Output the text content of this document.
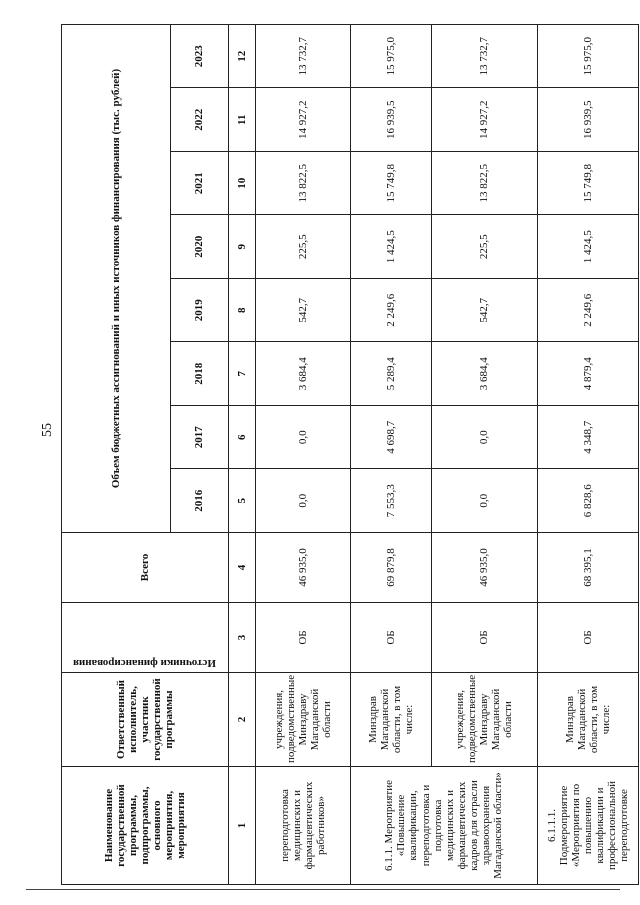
55
Наименование государственной программы, подпрограммы, основного мероприятия, мероприятия	Ответственный исполнитель, участник государственной программы	Источники финансирования	Всего	Объем бюджетных ассигнований и иных источников финансирования (тыс. рублей)							
				2016	2017	2018	2019	2020	2021	2022	2023
1	2	3	4	5	6	7	8	9	10	11	12
переподготовка медицинских и фармацевтических работников»	учреждения, подведомственные Минздраву Магаданской области	ОБ	46 935,0	0,0	0,0	3 684,4	542,7	225,5	13 822,5	14 927,2	13 732,7
6.1.1. Мероприятие «Повышение квалификации, переподготовка и подготовка медицинских и фармацевтических кадров для отрасли здравоохранения Магаданской области»	Минздрав Магаданской области, в том числе:	ОБ	69 879,8	7 553,3	4 698,7	5 289,4	2 249,6	1 424,5	15 749,8	16 939,5	15 975,0
	учреждения, подведомственные Минздраву Магаданской области	ОБ	46 935,0	0,0	0,0	3 684,4	542,7	225,5	13 822,5	14 927,2	13 732,7
6.1.1.1. Подмероприятие «Мероприятия по повышению квалификации и профессиональной переподготовке	Минздрав Магаданской области, в том числе:	ОБ	68 395,1	6 828,6	4 348,7	4 879,4	2 249,6	1 424,5	15 749,8	16 939,5	15 975,0
